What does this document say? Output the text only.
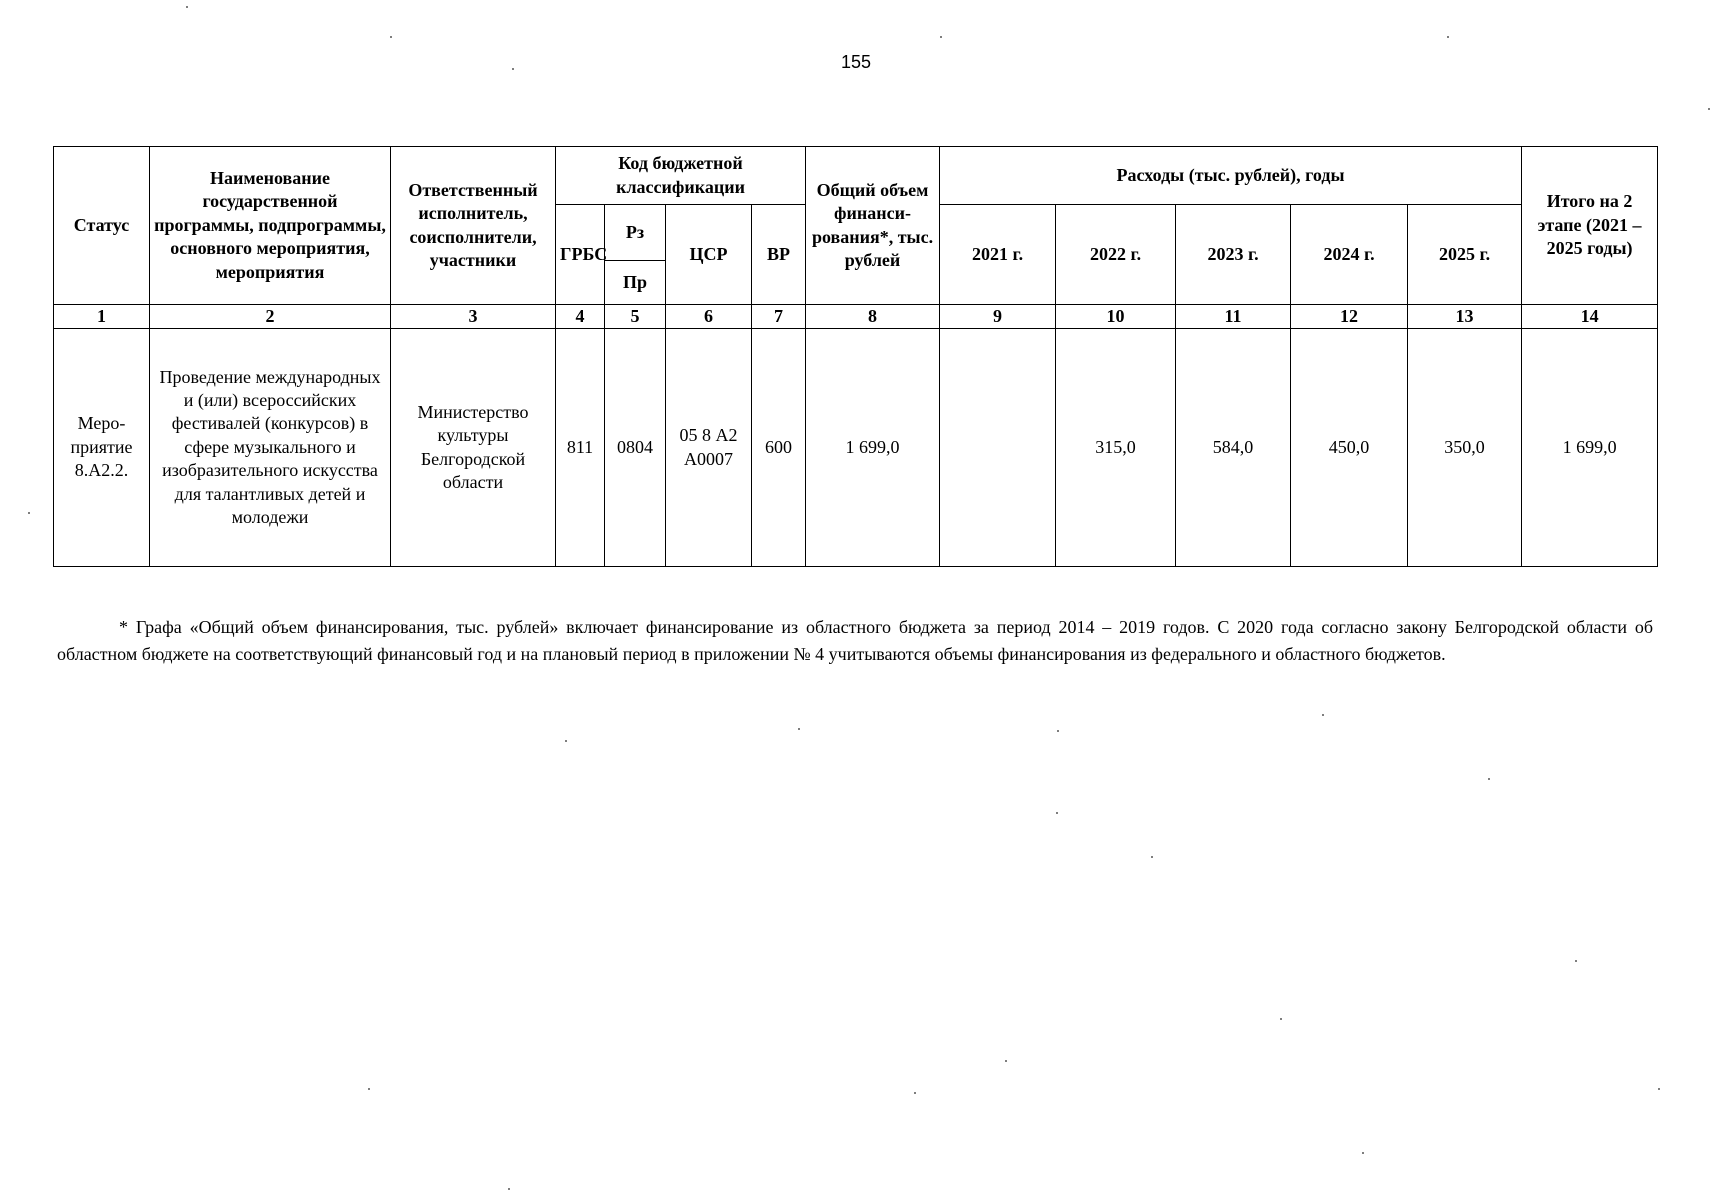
155
Статус	Наименование государственной программы, подпрограммы, основного мероприятия, мероприятия	Ответственный исполнитель, соисполнители, участники	Код бюджетной классификации				Общий объем финанси-рования*, тыс. рублей	Расходы (тыс. рублей), годы					Итого на 2 этапе (2021 – 2025 годы)
			ГРБС	Рз	ЦСР	ВР		2021 г.	2022 г.	2023 г.	2024 г.	2025 г.	
				Пр									
1	2	3	4	5	6	7	8	9	10	11	12	13	14
Меро-приятие 8.А2.2.	Проведение международных и (или) всероссийских фестивалей (конкурсов) в сфере музыкального и изобразительного искусства для талантливых детей и молодежи	Министерство культуры Белгородской области	811	0804	05 8 А2 А0007	600	1 699,0		315,0	584,0	450,0	350,0	1 699,0
* Графа «Общий объем финансирования, тыс. рублей» включает финансирование из областного бюджета за период 2014 – 2019 годов. С 2020 года согласно закону Белгородской области об областном бюджете на соответствующий финансовый год и на плановый период в приложении № 4 учитываются объемы финансирования из федерального и областного бюджетов.
